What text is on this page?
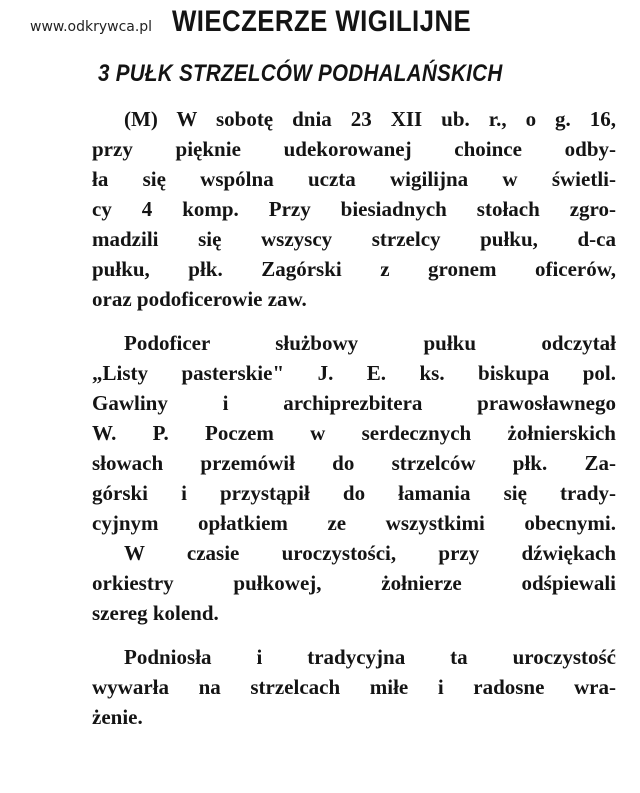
www.odkrywca.pl WIECZERZE WIGILIJNE
3 PUŁK STRZELCÓW PODHALAŃSKICH
(M) W sobotę dnia 23 XII ub. r., o g. 16,
przy pięknie udekorowanej choince odby-
ła się wspólna uczta wigilijna w świetli-
cy 4 komp. Przy biesiadnych stołach zgro-
madzili się wszyscy strzelcy pułku, d-ca
pułku, płk. Zagórski z gronem oficerów,
oraz podoficerowie zaw.
Podoficer służbowy pułku odczytał
„Listy pasterskie" J. E. ks. biskupa pol.
Gawliny i archiprezbitera prawosławnego
W. P. Poczem w serdecznych żołnierskich
słowach przemówił do strzelców płk. Za-
górski i przystąpił do łamania się trady-
cyjnym opłatkiem ze wszystkimi obecnymi.
W czasie uroczystości, przy dźwiękach
orkiestry pułkowej, żołnierze odśpiewali
szereg kolend.
Podniosła i tradycyjna ta uroczystość
wywarła na strzelcach miłe i radosne wra-
żenie.
